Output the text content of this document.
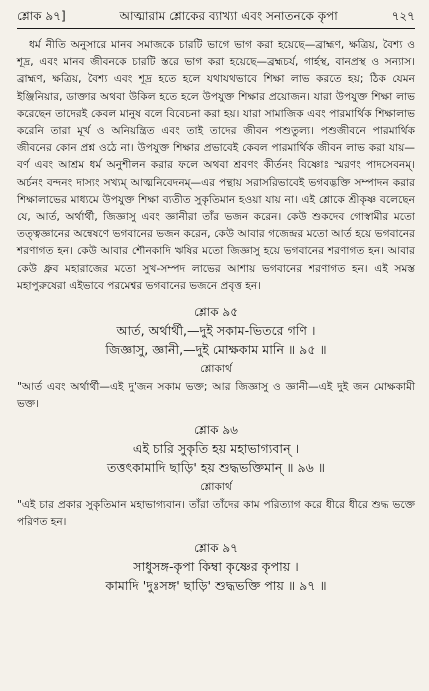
শ্লোক ৯৭]	আত্মারাম শ্লোকের ব্যাখ্যা এবং সনাতনকে কৃপা	৭২৭
ধর্ম নীতি অনুসারে মানব সমাজকে চারটি ভাগে ভাগ করা হয়েছে—ব্রাহ্মণ, ক্ষত্রিয়, বৈশ্য ও শূদ্র, এবং মানব জীবনকে চারটি স্তরে ভাগ করা হয়েছে—ব্রহ্মচর্য, গার্হস্থ, বানপ্রস্থ ও সন্যাস। ব্রাহ্মণ, ক্ষত্রিয়, বৈশ্য এবং শূদ্র হতে হলে যথাযথভাবে শিক্ষা লাভ করতে হয়; ঠিক যেমন ইঞ্জিনিয়ার, ডাক্তার অথবা উকিল হতে হলে উপযুক্ত শিক্ষার প্রয়োজন। যারা উপযুক্ত শিক্ষা লাভ করেছেন তাদেরই কেবল মানুষ বলে বিবেচনা করা হয়। যারা সামাজিক এবং পারমার্থিক শিক্ষালাভ করেনি তারা মূর্খ ও অনিয়ন্ত্রিত এবং তাই তাদের জীবন পশুতুল্য। পশুজীবনে পারমার্থিক জীবনের কোন প্রশ্ন ওঠে না। উপযুক্ত শিক্ষার প্রভাবেই কেবল পারমার্থিক জীবন লাভ করা যায়—বর্ণ এবং আশ্রম ধর্ম অনুশীলন করার ফলে অথবা শ্রবণং কীর্তনং বিষ্ণোঃ স্মরণং পাদসেবনম্। অর্চনং বন্দনং দাস্যং সখ্যম্ আত্মনিবেদনম্—এর পন্থায় সরাসরিভাবেই ভগবদ্ভক্তি সম্পাদন করার শিক্ষালাভের মাধ্যমে উপযুক্ত শিক্ষা ব্যতীত সুকৃতিমান হওয়া যায় না। এই শ্লোকে শ্রীকৃষ্ণ বলেছেন যে, আর্ত, অর্থার্থী, জিজ্ঞাসু এবং জ্ঞানীরা তাঁর ভজন করেন। কেউ শুকদেব গোস্বামীর মতো তত্ত্বজ্ঞানের অন্বেষণে ভগবানের ভজন করেন, কেউ আবার গজেন্দ্রর মতো আর্ত হয়ে ভগবানের শরণাগত হন। কেউ আবার শৌনকাদি ঋষির মতো জিজ্ঞাসু হয়ে ভগবানের শরণাগত হন। আবার কেউ ধ্রুব মহারাজের মতো সুখ-সম্পদ লাভের আশায় ভগবানের শরণাগত হন। এই সমস্ত মহাপুরুষেরা এইভাবে পরমেশ্বর ভগবানের ভজনে প্রবৃত্ত হন।
শ্লোক ৯৫

আর্ত, অর্থার্থী,—দুই সকাম-ভিতরে গণি ।

জিজ্ঞাসু, জ্ঞানী,—দুই মোক্ষকাম মানি ॥ ৯৫ ॥

শ্লোকার্থ

"আর্ত এবং অর্থার্থী—এই দু'জন সকাম ভক্ত; আর জিজ্ঞাসু ও জ্ঞানী—এই দুই জন মোক্ষকামী ভক্ত।

শ্লোক ৯৬

এই চারি সুকৃতি হয় মহাভাগ্যবান্ ।

তত্তৎকামাদি ছাড়ি' হয় শুদ্ধভক্তিমান্ ॥ ৯৬ ॥

শ্লোকার্থ

"এই চার প্রকার সুকৃতিমান মহাভাগ্যবান। তাঁরা তাঁদের কাম পরিত্যাগ করে ধীরে ধীরে শুদ্ধ ভক্তে পরিণত হন।

শ্লোক ৯৭

সাধুসঙ্গ-কৃপা কিম্বা কৃষ্ণের কৃপায় ।

কামাদি 'দুঃসঙ্গ' ছাড়ি' শুদ্ধভক্তি পায় ॥ ৯৭ ॥
